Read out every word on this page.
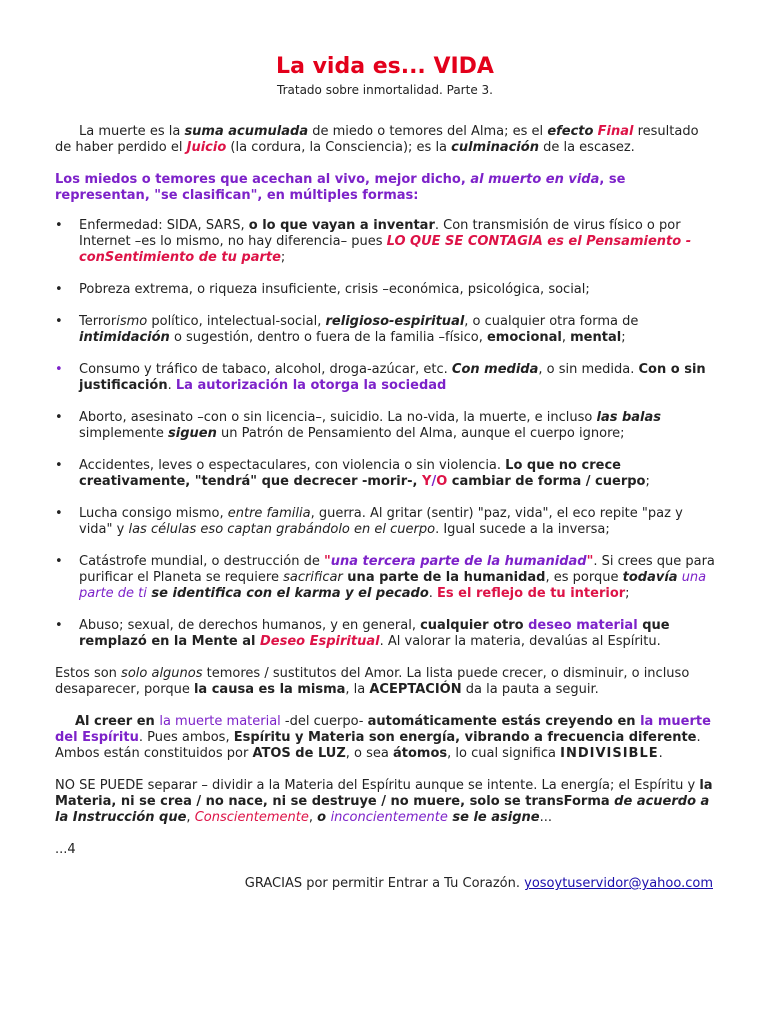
La vida es... VIDA

Tratado sobre inmortalidad. Parte 3.

La muerte es la suma acumulada de miedo o temores del Alma; es el efecto Final resultado de haber perdido el Juicio (la cordura, la Consciencia); es la culminación de la escasez.

Los miedos o temores que acechan al vivo, mejor dicho, al muerto en vida, se representan, "se clasifican", en múltiples formas:

•	Enfermedad: SIDA, SARS, o lo que vayan a inventar. Con transmisión de virus físico o por Internet –es lo mismo, no hay diferencia– pues LO QUE SE CONTAGIA es el Pensamiento - conSentimiento de tu parte;
•	Pobreza extrema, o riqueza insuficiente, crisis –económica, psicológica, social;
•	Terrorismo político, intelectual-social, religioso-espiritual, o cualquier otra forma de intimidación o sugestión, dentro o fuera de la familia –físico, emocional, mental;
•	Consumo y tráfico de tabaco, alcohol, droga-azúcar, etc. Con medida, o sin medida. Con o sin justificación. La autorización la otorga la sociedad
•	Aborto, asesinato –con o sin licencia–, suicidio. La no-vida, la muerte, e incluso las balas simplemente siguen un Patrón de Pensamiento del Alma, aunque el cuerpo ignore;
•	Accidentes, leves o espectaculares, con violencia o sin violencia. Lo que no crece creativamente, "tendrá" que decrecer -morir-, Y/O cambiar de forma / cuerpo;
•	Lucha consigo mismo, entre familia, guerra. Al gritar (sentir) "paz, vida", el eco repite "paz y vida" y las células eso captan grabándolo en el cuerpo. Igual sucede a la inversa;
•	Catástrofe mundial, o destrucción de "una tercera parte de la humanidad". Si crees que para purificar el Planeta se requiere sacrificar una parte de la humanidad, es porque todavía una parte de ti se identifica con el karma y el pecado. Es el reflejo de tu interior;
•	Abuso; sexual, de derechos humanos, y en general, cualquier otro deseo material que remplazó en la Mente al Deseo Espiritual. Al valorar la materia, devalúas al Espíritu.

Estos son solo algunos temores / sustitutos del Amor. La lista puede crecer, o disminuir, o incluso desaparecer, porque la causa es la misma, la ACEPTACIÓN da la pauta a seguir.

Al creer en la muerte material -del cuerpo- automáticamente estás creyendo en la muerte del Espíritu. Pues ambos, Espíritu y Materia son energía, vibrando a frecuencia diferente. Ambos están constituidos por ATOS de LUZ, o sea átomos, lo cual significa INDIVISIBLE.

NO SE PUEDE separar – dividir a la Materia del Espíritu aunque se intente. La energía; el Espíritu y la Materia, ni se crea / no nace, ni se destruye / no muere, solo se transForma de acuerdo a la Instrucción que, Conscientemente, o inconcientemente se le asigne...

...4

GRACIAS por permitir Entrar a Tu Corazón. yosoytuservidor@yahoo.com
